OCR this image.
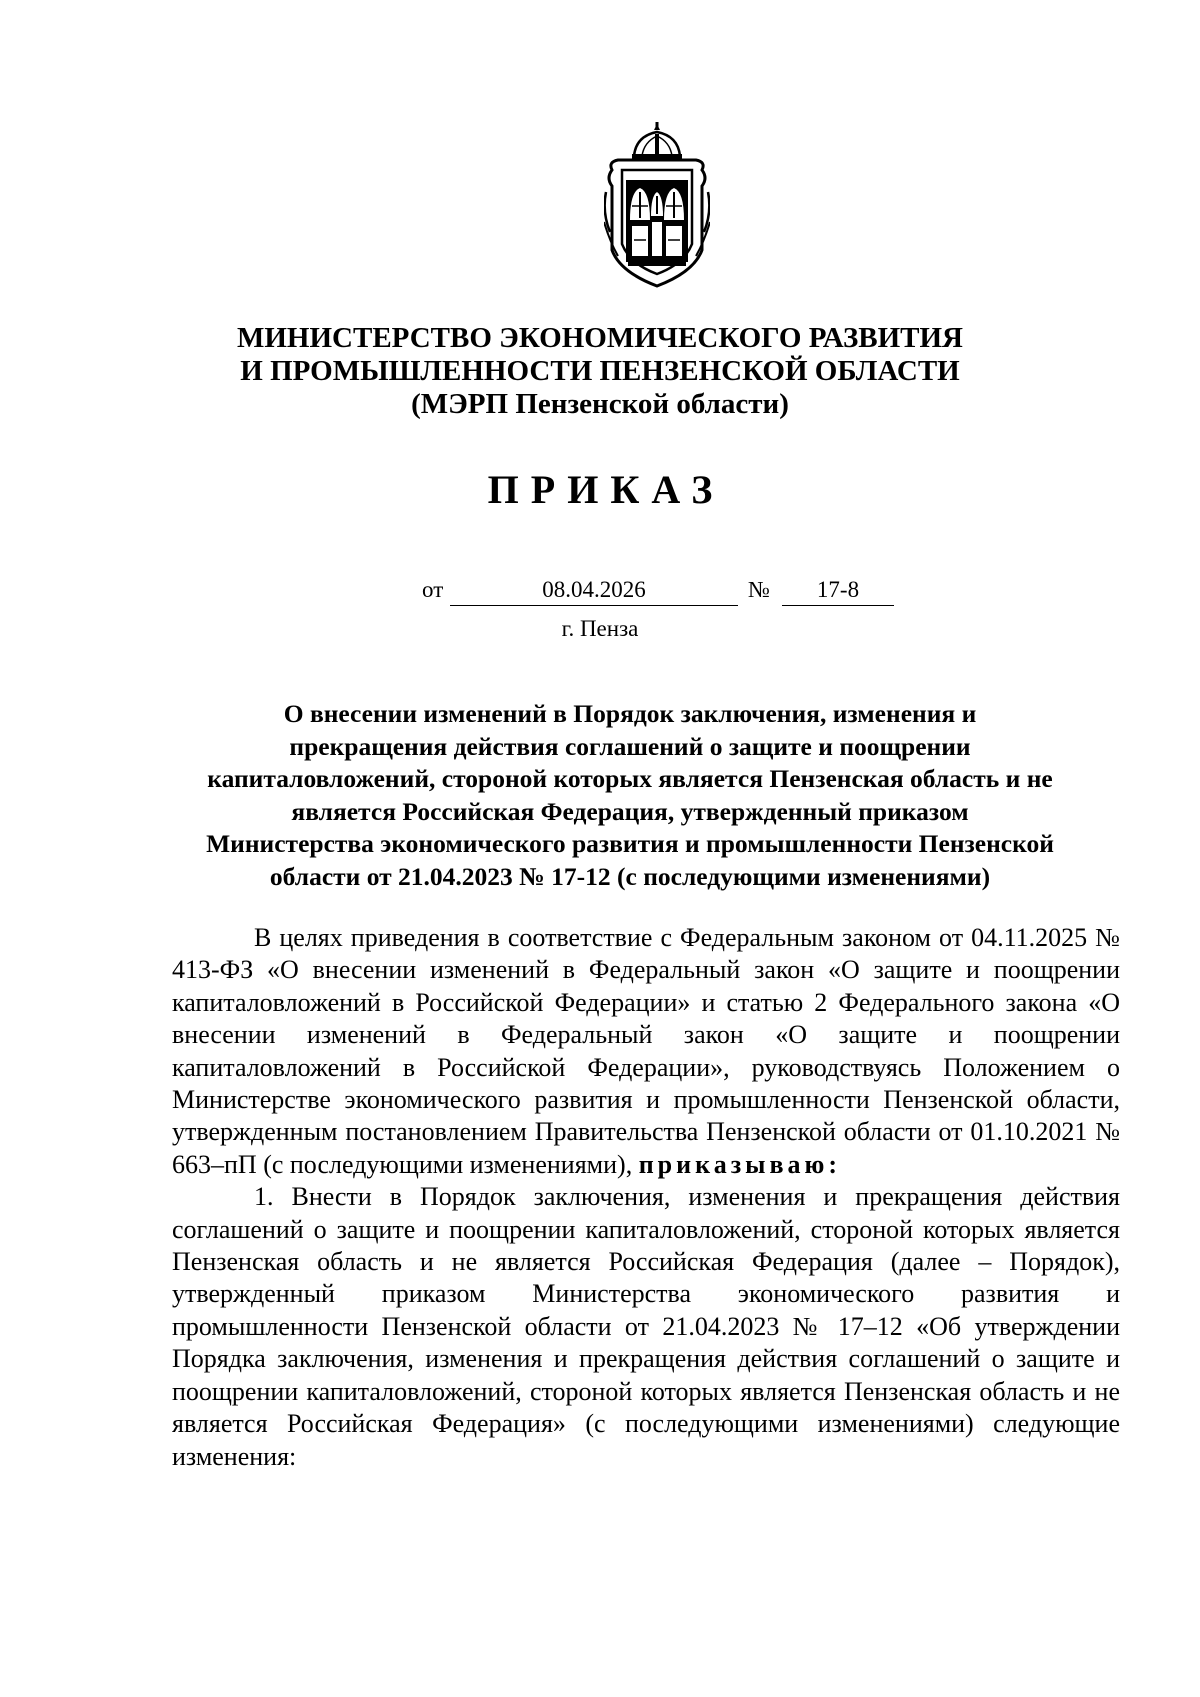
МИНИСТЕРСТВО ЭКОНОМИЧЕСКОГО РАЗВИТИЯ
И ПРОМЫШЛЕННОСТИ ПЕНЗЕНСКОЙ ОБЛАСТИ
(МЭРП Пензенской области)
ПРИКАЗ
от	08.04.2026	№	17-8
г. Пенза
О внесении изменений в Порядок заключения, изменения и
прекращения действия соглашений о защите и поощрении
капиталовложений, стороной которых является Пензенская область и не
является Российская Федерация, утвержденный приказом
Министерства экономического развития и промышленности Пензенской
области от 21.04.2023 № 17-12 (с последующими изменениями)

В целях приведения в соответствие с Федеральным законом от 04.11.2025 № 413-ФЗ «О внесении изменений в Федеральный закон «О защите и поощрении капиталовложений в Российской Федерации» и статью 2 Федерального закона «О внесении изменений в Федеральный закон «О защите и поощрении капиталовложений в Российской Федерации», руководствуясь Положением о Министерстве экономического развития и промышленности Пензенской области, утвержденным постановлением Правительства Пензенской области от 01.10.2021 № 663–пП (с последующими изменениями), приказываю:

1. Внести в Порядок заключения, изменения и прекращения действия соглашений о защите и поощрении капиталовложений, стороной которых является Пензенская область и не является Российская Федерация (далее – Порядок), утвержденный приказом Министерства экономического развития и промышленности Пензенской области от 21.04.2023 № 17–12 «Об утверждении Порядка заключения, изменения и прекращения действия соглашений о защите и поощрении капиталовложений, стороной которых является Пензенская область и не является Российская Федерация» (с последующими изменениями) следующие изменения:
